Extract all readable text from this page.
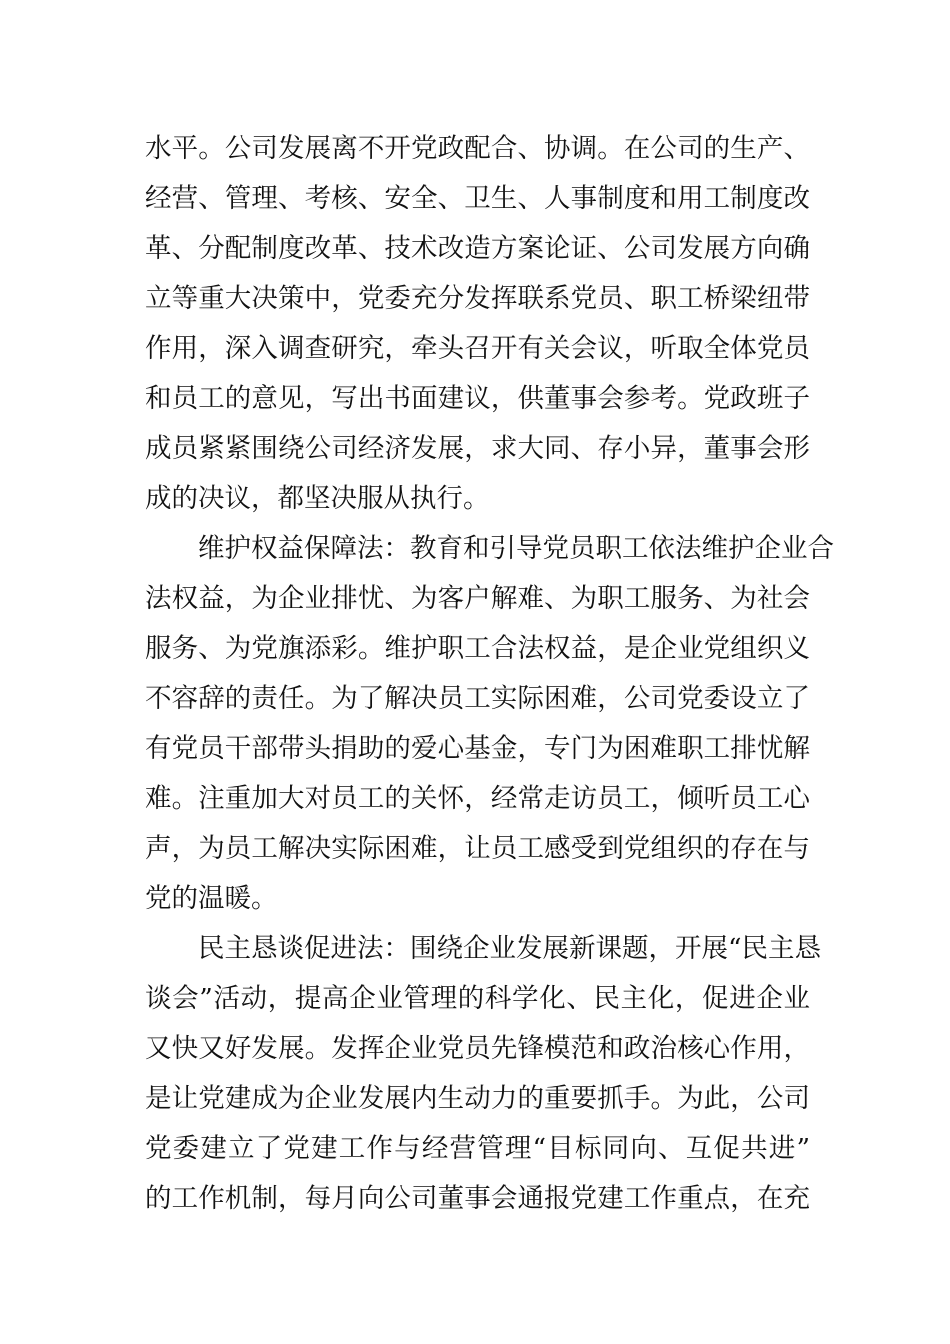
水平。公司发展离不开党政配合、协调。在公司的生产、
经营、管理、考核、安全、卫生、人事制度和用工制度改
革、分配制度改革、技术改造方案论证、公司发展方向确
立等重大决策中，党委充分发挥联系党员、职工桥梁纽带
作用，深入调查研究，牵头召开有关会议，听取全体党员
和员工的意见，写出书面建议，供董事会参考。党政班子
成员紧紧围绕公司经济发展，求大同、存小异，董事会形
成的决议，都坚决服从执行。
维护权益保障法：教育和引导党员职工依法维护企业合
法权益，为企业排忧、为客户解难、为职工服务、为社会
服务、为党旗添彩。维护职工合法权益，是企业党组织义
不容辞的责任。为了解决员工实际困难，公司党委设立了
有党员干部带头捐助的爱心基金，专门为困难职工排忧解
难。注重加大对员工的关怀，经常走访员工，倾听员工心
声，为员工解决实际困难，让员工感受到党组织的存在与
党的温暖。
民主恳谈促进法：围绕企业发展新课题，开展“民主恳
谈会”活动，提高企业管理的科学化、民主化，促进企业
又快又好发展。发挥企业党员先锋模范和政治核心作用，
是让党建成为企业发展内生动力的重要抓手。为此，公司
党委建立了党建工作与经营管理“目标同向、互促共进”
的工作机制，每月向公司董事会通报党建工作重点，在充
